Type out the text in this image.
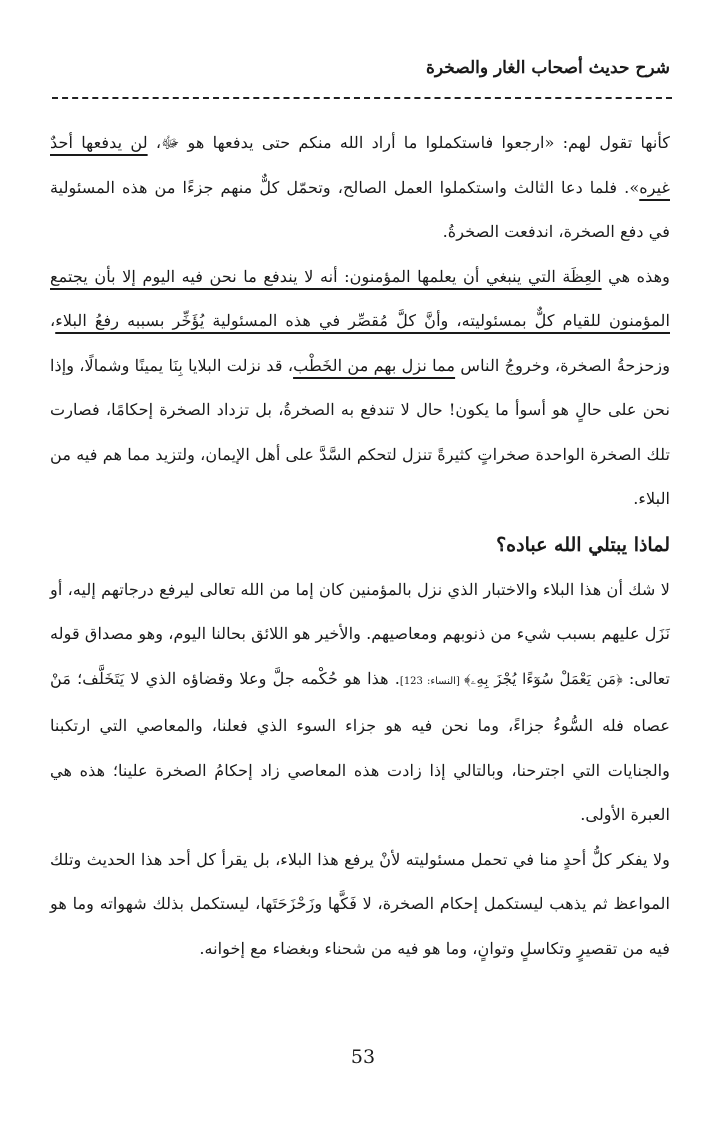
شرح حديث أصحاب الغار والصخرة

كأنها تقول لهم: «ارجعوا فاستكملوا ما أراد الله منكم حتى يدفعها هو ﷻ، لن يدفعها أحدٌ غيره». فلما دعا الثالث واستكملوا العمل الصالح، وتحمّل كلٌّ منهم جزءًا من هذه المسئولية في دفع الصخرة، اندفعت الصخرةُ.

وهذه هي العِظَة التي ينبغي أن يعلمها المؤمنون: أنه لا يندفع ما نحن فيه اليوم إلا بأن يجتمع المؤمنون للقيام كلٌّ بمسئوليته، وأنَّ كلَّ مُقصِّر في هذه المسئولية يُؤَخِّر بسببه رفعُ البلاء، وزحزحةُ الصخرة، وخروجُ الناس مما نزل بهم من الخَطْب، قد نزلت البلايا بِنَا يمينًا وشمالًا، وإذا نحن على حالٍ هو أسوأ ما يكون! حال لا تندفع به الصخرةُ، بل تزداد الصخرة إحكامًا، فصارت تلك الصخرة الواحدة صخراتٍ كثيرةً تنزل لتحكم السَّدَّ على أهل الإيمان، ولتزيد مما هم فيه من البلاء.

لماذا يبتلي الله عباده؟

لا شك أن هذا البلاء والاختبار الذي نزل بالمؤمنين كان إما من الله تعالى ليرفع درجاتهم إليه، أو نَزَل عليهم بسبب شيء من ذنوبهم ومعاصيهم. والأخير هو اللائق بحالنا اليوم، وهو مصداق قوله تعالى: ﴿مَن يَعْمَلْ سُوٓءًا يُجْزَ بِهِۦ﴾ [النساء: 123]. هذا هو حُكْمه جلَّ وعلا وقضاؤه الذي لا يَتَخَلَّف؛ مَنْ عصاه فله السُّوءُ جزاءً، وما نحن فيه هو جزاء السوء الذي فعلنا، والمعاصي التي ارتكبنا والجنايات التي اجترحنا، وبالتالي إذا زادت هذه المعاصي زاد إحكامُ الصخرة علينا؛ هذه هي العبرة الأولى.

ولا يفكر كلُّ أحدٍ منا في تحمل مسئوليته لأنْ يرفع هذا البلاء، بل يقرأ كل أحد هذا الحديث وتلك المواعظ ثم يذهب ليستكمل إحكام الصخرة، لا فَكَّها وزَحْزَحَتَها، ليستكمل بذلك شهواته وما هو فيه من تقصيرٍ وتكاسلٍ وتوانٍ، وما هو فيه من شحناء وبغضاء مع إخوانه.

53
